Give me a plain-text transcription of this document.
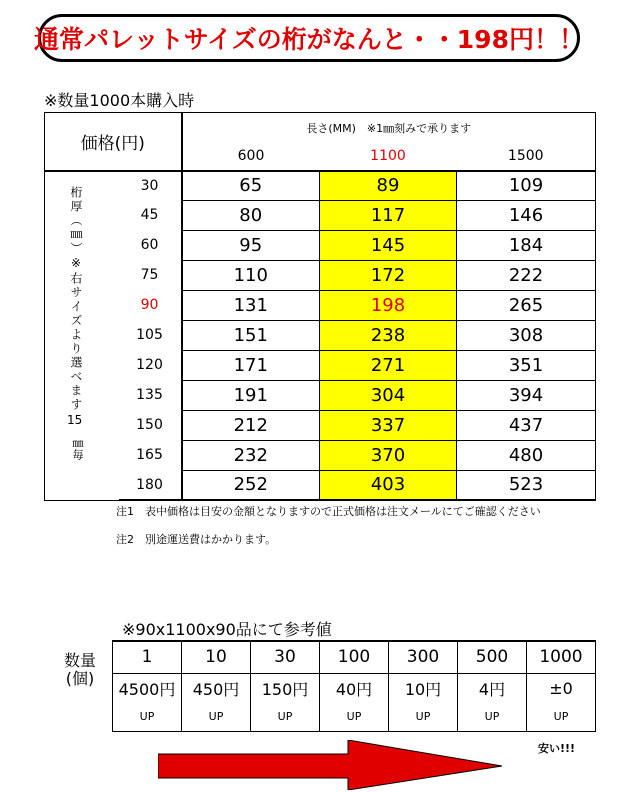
通常パレットサイズの桁がなんと・・198円！！
※数量1000本購入時
価格(円)		長さ(MM)　※1㎜刻みで承ります		
		600	1100	1500

桁厚（㎜）※右サイズより選べます
15
㎜毎	30	65	89	109
	45	80	117	146
	60	95	145	184
	75	110	172	222
	90	131	198	265
	105	151	238	308
	120	171	271	351
	135	191	304	394
	150	212	337	437
	165	232	370	480
	180	252	403	523
注1　表中価格は目安の金額となりますので正式価格は注文メールにてご確認ください
注2　別途運送費はかかります。
※90x1100x90品にて参考値
数量
(個)
1	10	30	100	300	500	1000
4500円	450円	150円	40円	10円	4円	±0
UP	UP	UP	UP	UP	UP	UP
安い!!!
